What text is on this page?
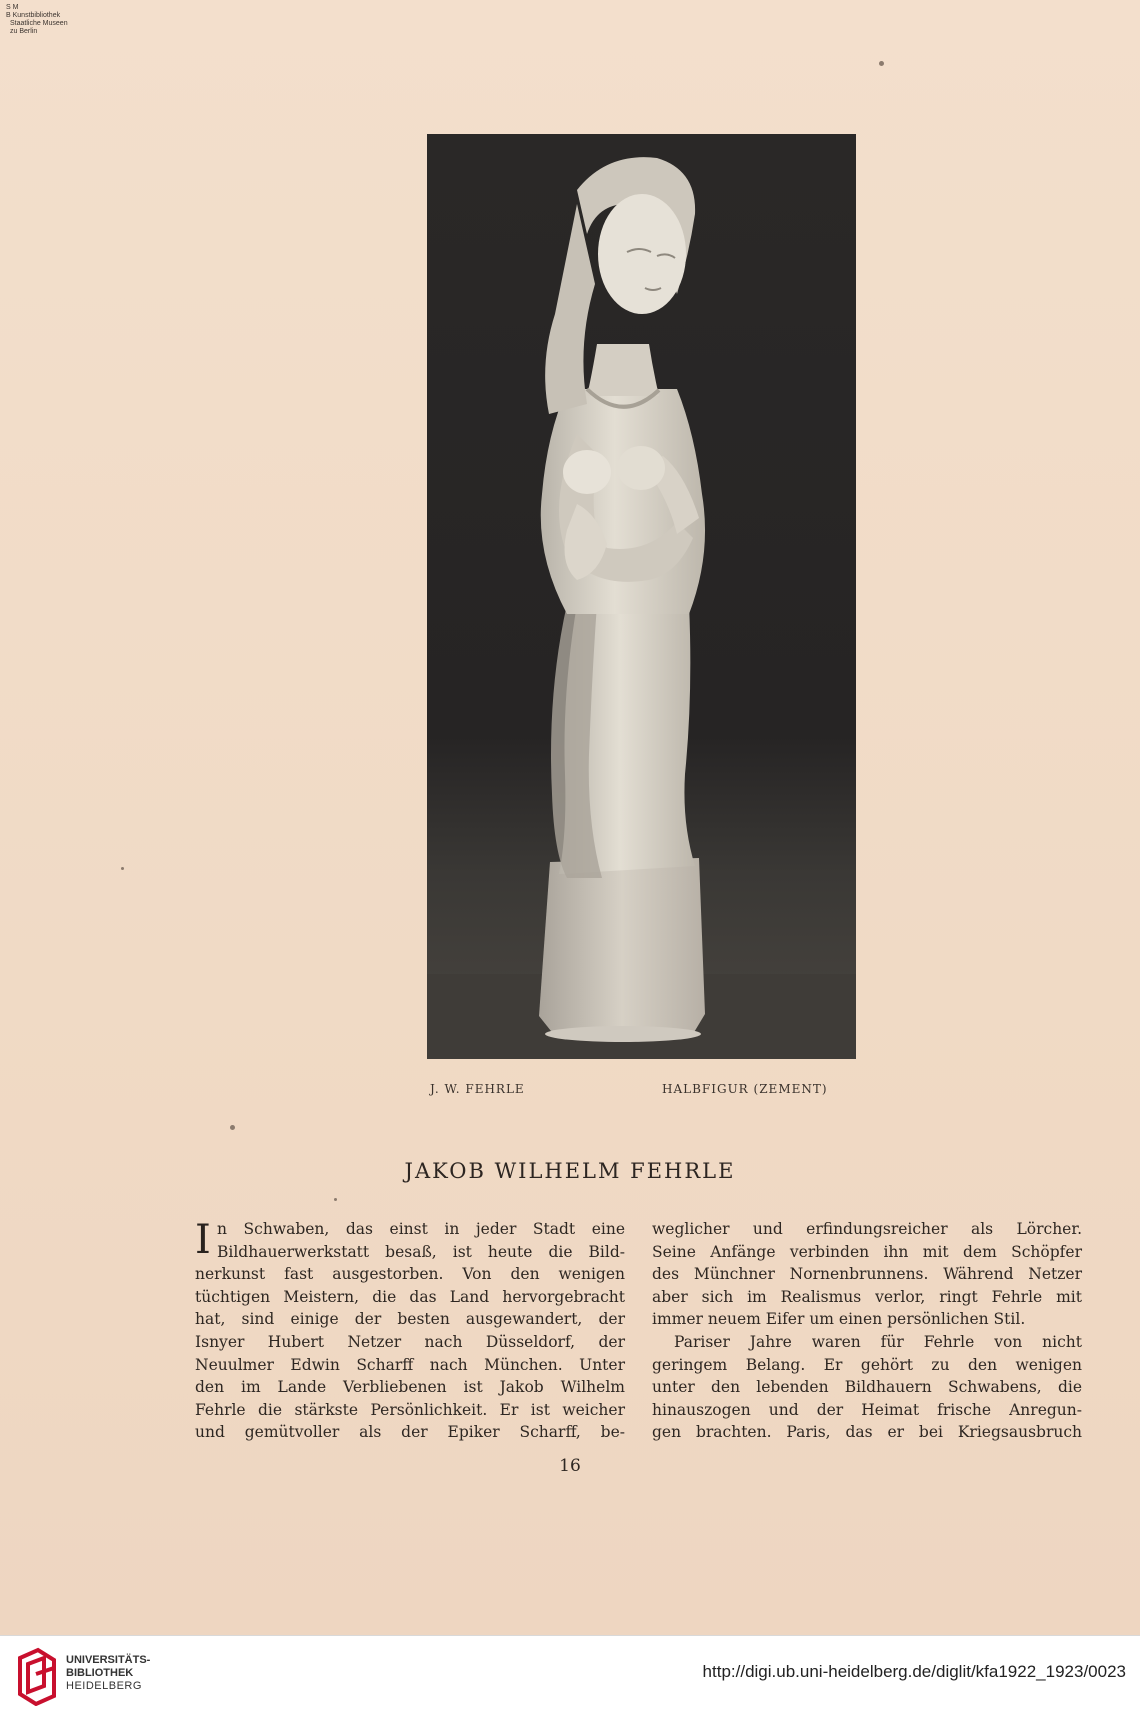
S M
B Kunstbibliothek
Staatliche Museen
zu Berlin
J. W. FEHRLE	HALBFIGUR (ZEMENT)
JAKOB WILHELM FEHRLE
I n Schwaben, das einst in jeder Stadt eine
Bildhauerwerkstatt besaß, ist heute die Bild-
nerkunst fast ausgestorben. Von den wenigen
tüchtigen Meistern, die das Land hervorgebracht
hat, sind einige der besten ausgewandert, der
Isnyer Hubert Netzer nach Düsseldorf, der
Neuulmer Edwin Scharff nach München. Unter
den im Lande Verbliebenen ist Jakob Wilhelm
Fehrle die stärkste Persönlichkeit. Er ist weicher
und gemütvoller als der Epiker Scharff, be-
weglicher und erfindungsreicher als Lörcher.
Seine Anfänge verbinden ihn mit dem Schöpfer
des Münchner Nornenbrunnens. Während Netzer
aber sich im Realismus verlor, ringt Fehrle mit
immer neuem Eifer um einen persönlichen Stil.
Pariser Jahre waren für Fehrle von nicht
geringem Belang. Er gehört zu den wenigen
unter den lebenden Bildhauern Schwabens, die
hinauszogen und der Heimat frische Anregun-
gen brachten. Paris, das er bei Kriegsausbruch
16
UNIVERSITÄTS-
BIBLIOTHEK
HEIDELBERG
http://digi.ub.uni-heidelberg.de/diglit/kfa1922_1923/0023
